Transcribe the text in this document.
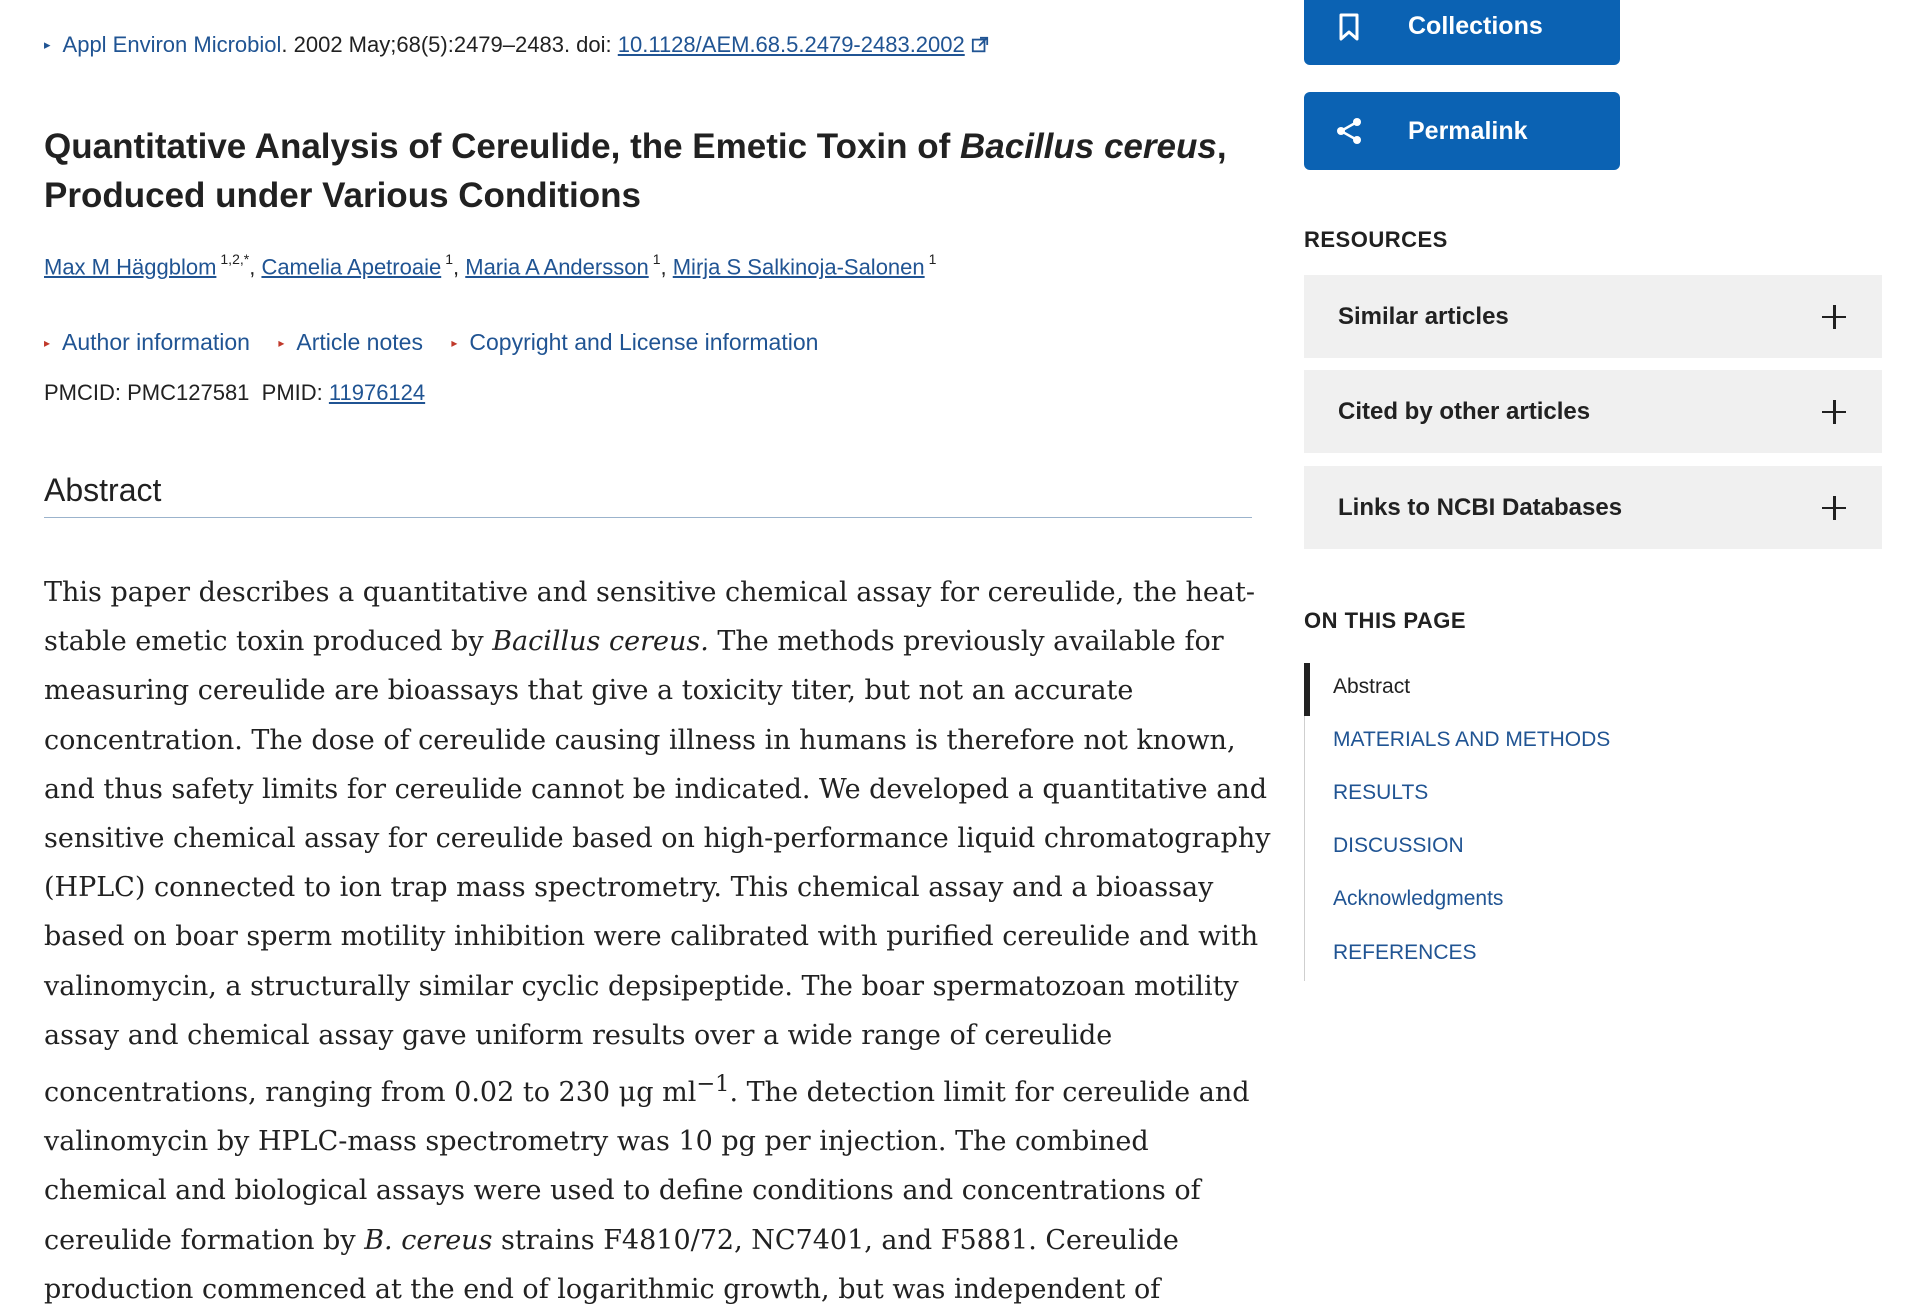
▸ Appl Environ Microbiol. 2002 May;68(5):2479–2483. doi: 10.1128/AEM.68.5.2479-2483.2002
Quantitative Analysis of Cereulide, the Emetic Toxin of Bacillus cereus, Produced under Various Conditions
Max M Häggblom $^{1,2,*}$, Camelia Apetroaie $^1$, Maria A Andersson $^1$, Mirja S Salkinoja-Salonen $^1$
▸ Author information ▸ Article notes ▸ Copyright and License information
PMCID: PMC127581 PMID: 11976124
Abstract

This paper describes a quantitative and sensitive chemical assay for cereulide, the heat-
stable emetic toxin produced by Bacillus cereus. The methods previously available for
measuring cereulide are bioassays that give a toxicity titer, but not an accurate
concentration. The dose of cereulide causing illness in humans is therefore not known,
and thus safety limits for cereulide cannot be indicated. We developed a quantitative and
sensitive chemical assay for cereulide based on high-performance liquid chromatography
(HPLC) connected to ion trap mass spectrometry. This chemical assay and a bioassay
based on boar sperm motility inhibition were calibrated with purified cereulide and with
valinomycin, a structurally similar cyclic depsipeptide. The boar spermatozoan motility
assay and chemical assay gave uniform results over a wide range of cereulide
concentrations, ranging from 0.02 to 230 μg $ml^{-1}$. The detection limit for cereulide and
valinomycin by HPLC-mass spectrometry was 10 pg per injection. The combined
chemical and biological assays were used to define conditions and concentrations of
cereulide formation by B. cereus strains F4810/72, NC7401, and F5881. Cereulide
production commenced at the end of logarithmic growth, but was independent of

Collections
Permalink
RESOURCES
Similar articles
Cited by other articles
Links to NCBI Databases
ON THIS PAGE
Abstract
MATERIALS AND METHODS
RESULTS
DISCUSSION
Acknowledgments
REFERENCES
